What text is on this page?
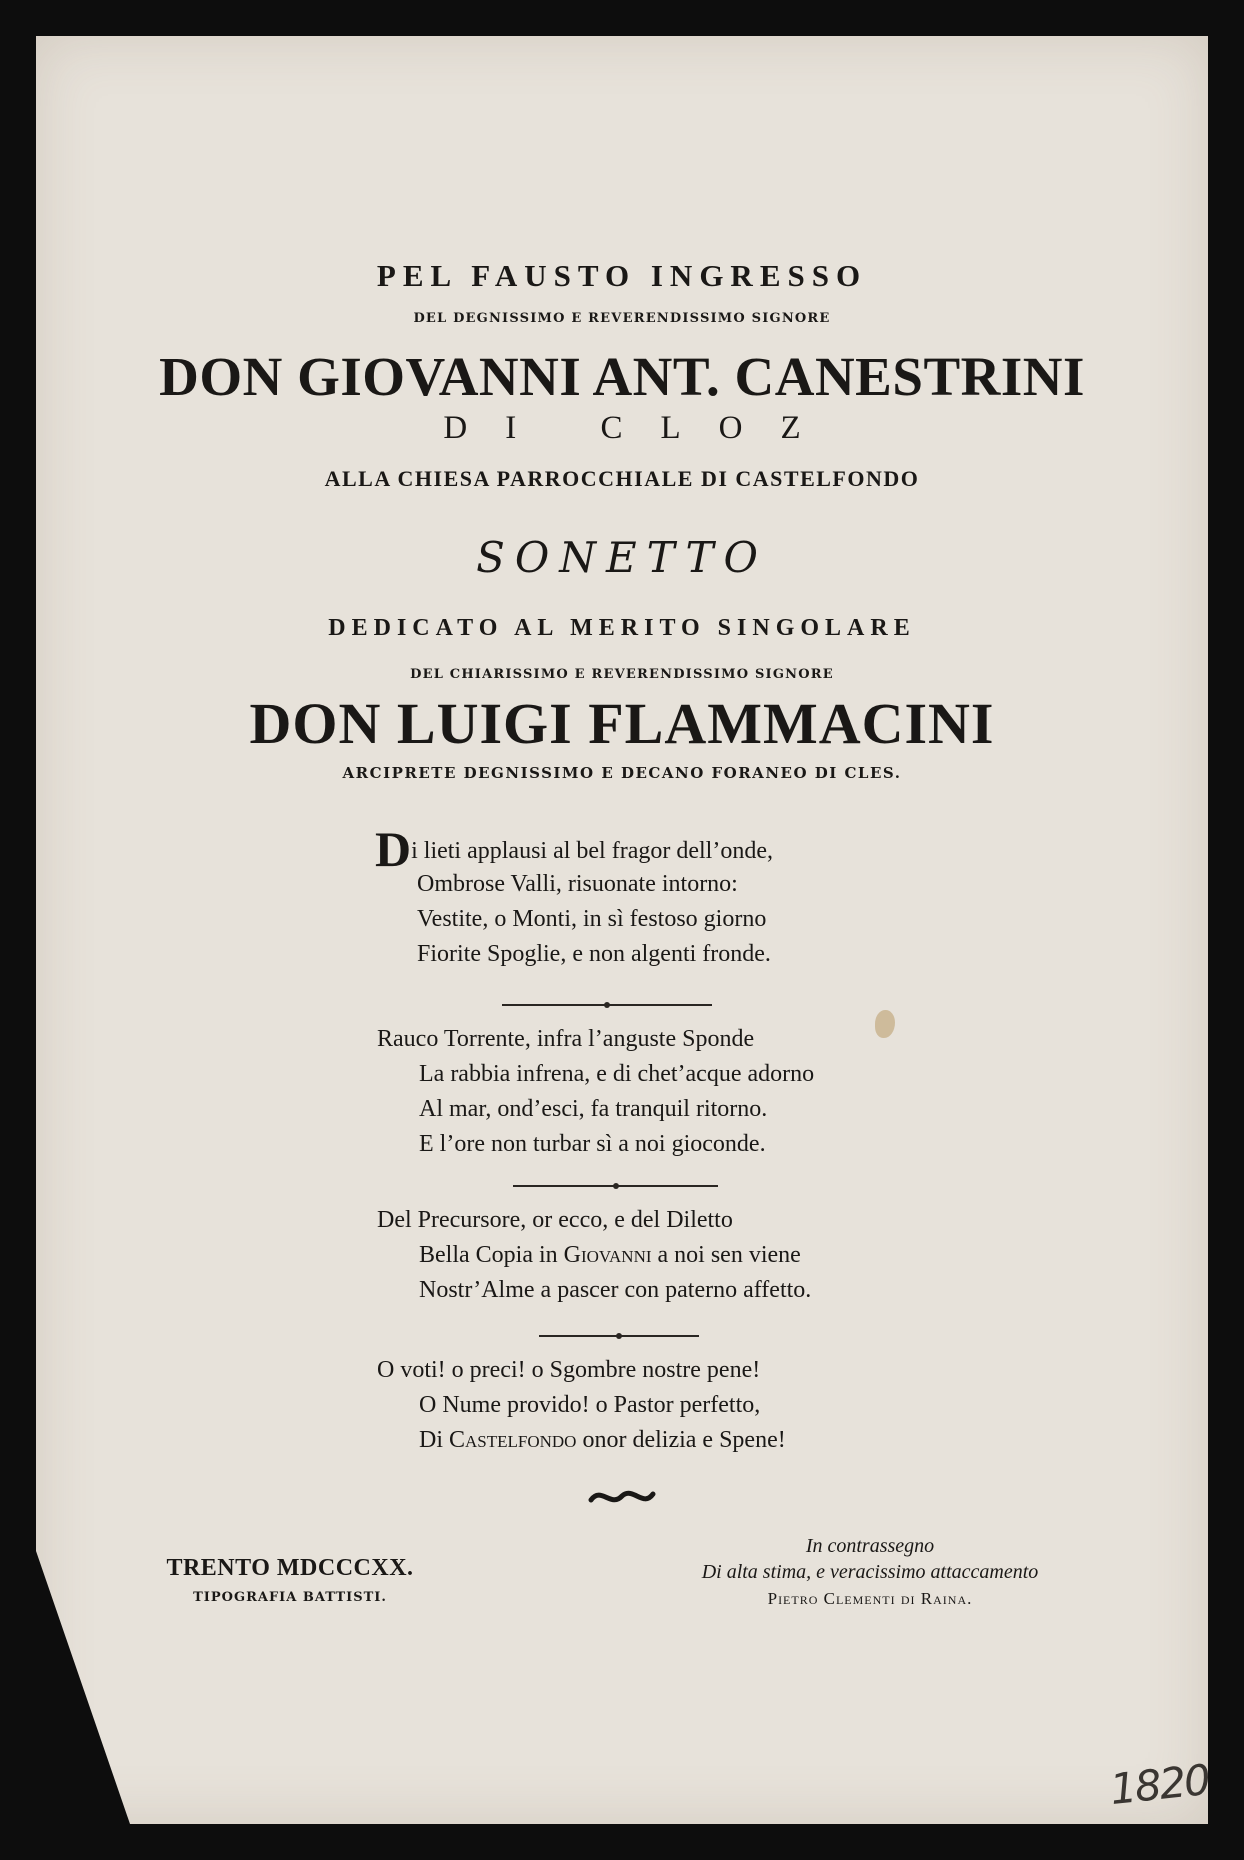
PEL FAUSTO INGRESSO
DEL DEGNISSIMO E REVERENDISSIMO SIGNORE
DON GIOVANNI ANT. CANESTRINI
DI CLOZ
ALLA CHIESA PARROCCHIALE DI CASTELFONDO
SONETTO
DEDICATO AL MERITO SINGOLARE
DEL CHIARISSIMO E REVERENDISSIMO SIGNORE
DON LUIGI FLAMMACINI
ARCIPRETE DEGNISSIMO E DECANO FORANEO DI CLES.
Di lieti applausi al bel fragor dell’onde,
Ombrose Valli, risuonate intorno:
Vestite, o Monti, in sì festoso giorno
Fiorite Spoglie, e non algenti fronde.
Rauco Torrente, infra l’anguste Sponde
La rabbia infrena, e di chet’acque adorno
Al mar, ond’esci, fa tranquil ritorno.
E l’ore non turbar sì a noi gioconde.
Del Precursore, or ecco, e del Diletto
Bella Copia in Giovanni a noi sen viene
Nostr’Alme a pascer con paterno affetto.
O voti! o preci! o Sgombre nostre pene!
O Nume provido! o Pastor perfetto,
Di Castelfondo onor delizia e Spene!
TRENTO MDCCCXX.
TIPOGRAFIA BATTISTI.
In contrassegno
Di alta stima, e veracissimo attaccamento
Pietro Clementi di Raina.
1820
